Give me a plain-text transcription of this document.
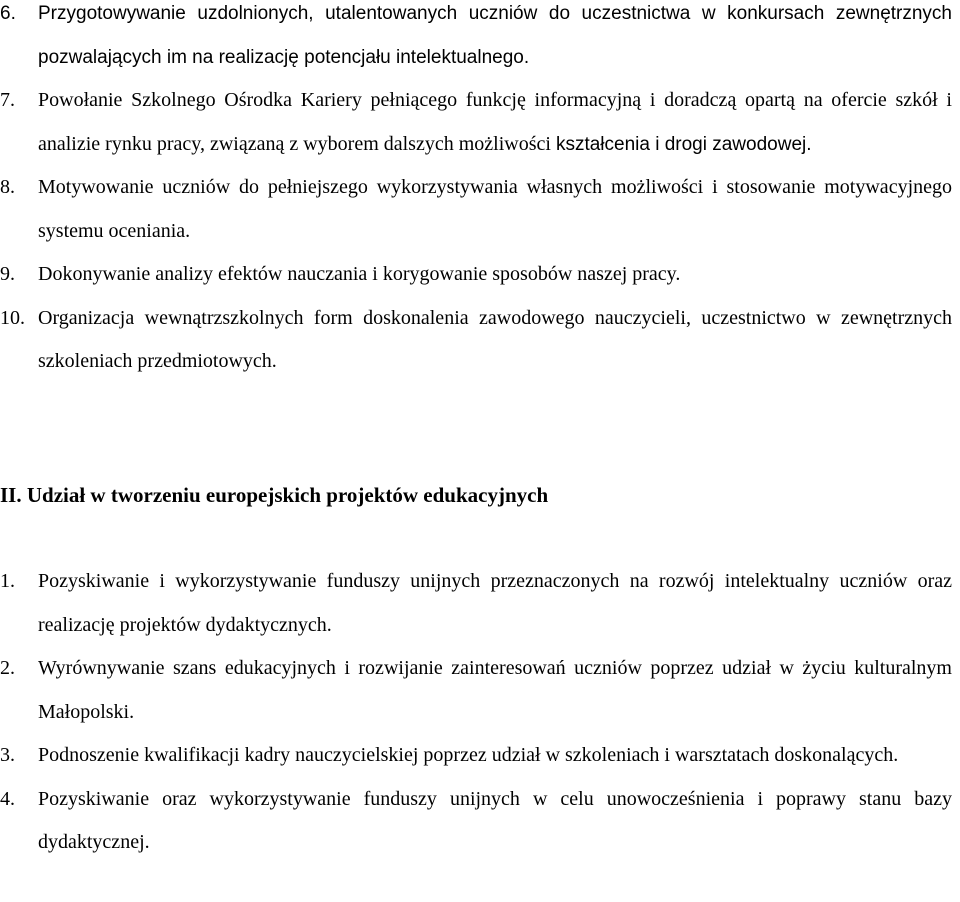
6.	Przygotowywanie uzdolnionych, utalentowanych uczniów do uczestnictwa w konkursach zewnętrznych pozwalających im na realizację potencjału intelektualnego.
7.	Powołanie Szkolnego Ośrodka Kariery pełniącego funkcję informacyjną i doradczą opartą na ofercie szkół i analizie rynku pracy, związaną z wyborem dalszych możliwości kształcenia i drogi zawodowej.
8.	Motywowanie uczniów do pełniejszego wykorzystywania własnych możliwości i stosowanie motywacyjnego systemu oceniania.
9.	Dokonywanie analizy efektów nauczania i korygowanie sposobów naszej pracy.
10. Organizacja wewnątrzszkolnych form doskonalenia zawodowego nauczycieli, uczestnictwo w zewnętrznych szkoleniach przedmiotowych.
II. Udział w tworzeniu europejskich projektów edukacyjnych
1.	Pozyskiwanie i wykorzystywanie funduszy unijnych przeznaczonych na rozwój intelektualny uczniów oraz realizację projektów dydaktycznych.
2.	Wyrównywanie szans edukacyjnych i rozwijanie zainteresowań uczniów poprzez udział w życiu kulturalnym Małopolski.
3.	Podnoszenie kwalifikacji kadry nauczycielskiej poprzez udział w szkoleniach i warsztatach doskonalących.
4.	Pozyskiwanie oraz wykorzystywanie funduszy unijnych w celu unowocześnienia i poprawy stanu bazy dydaktycznej.
